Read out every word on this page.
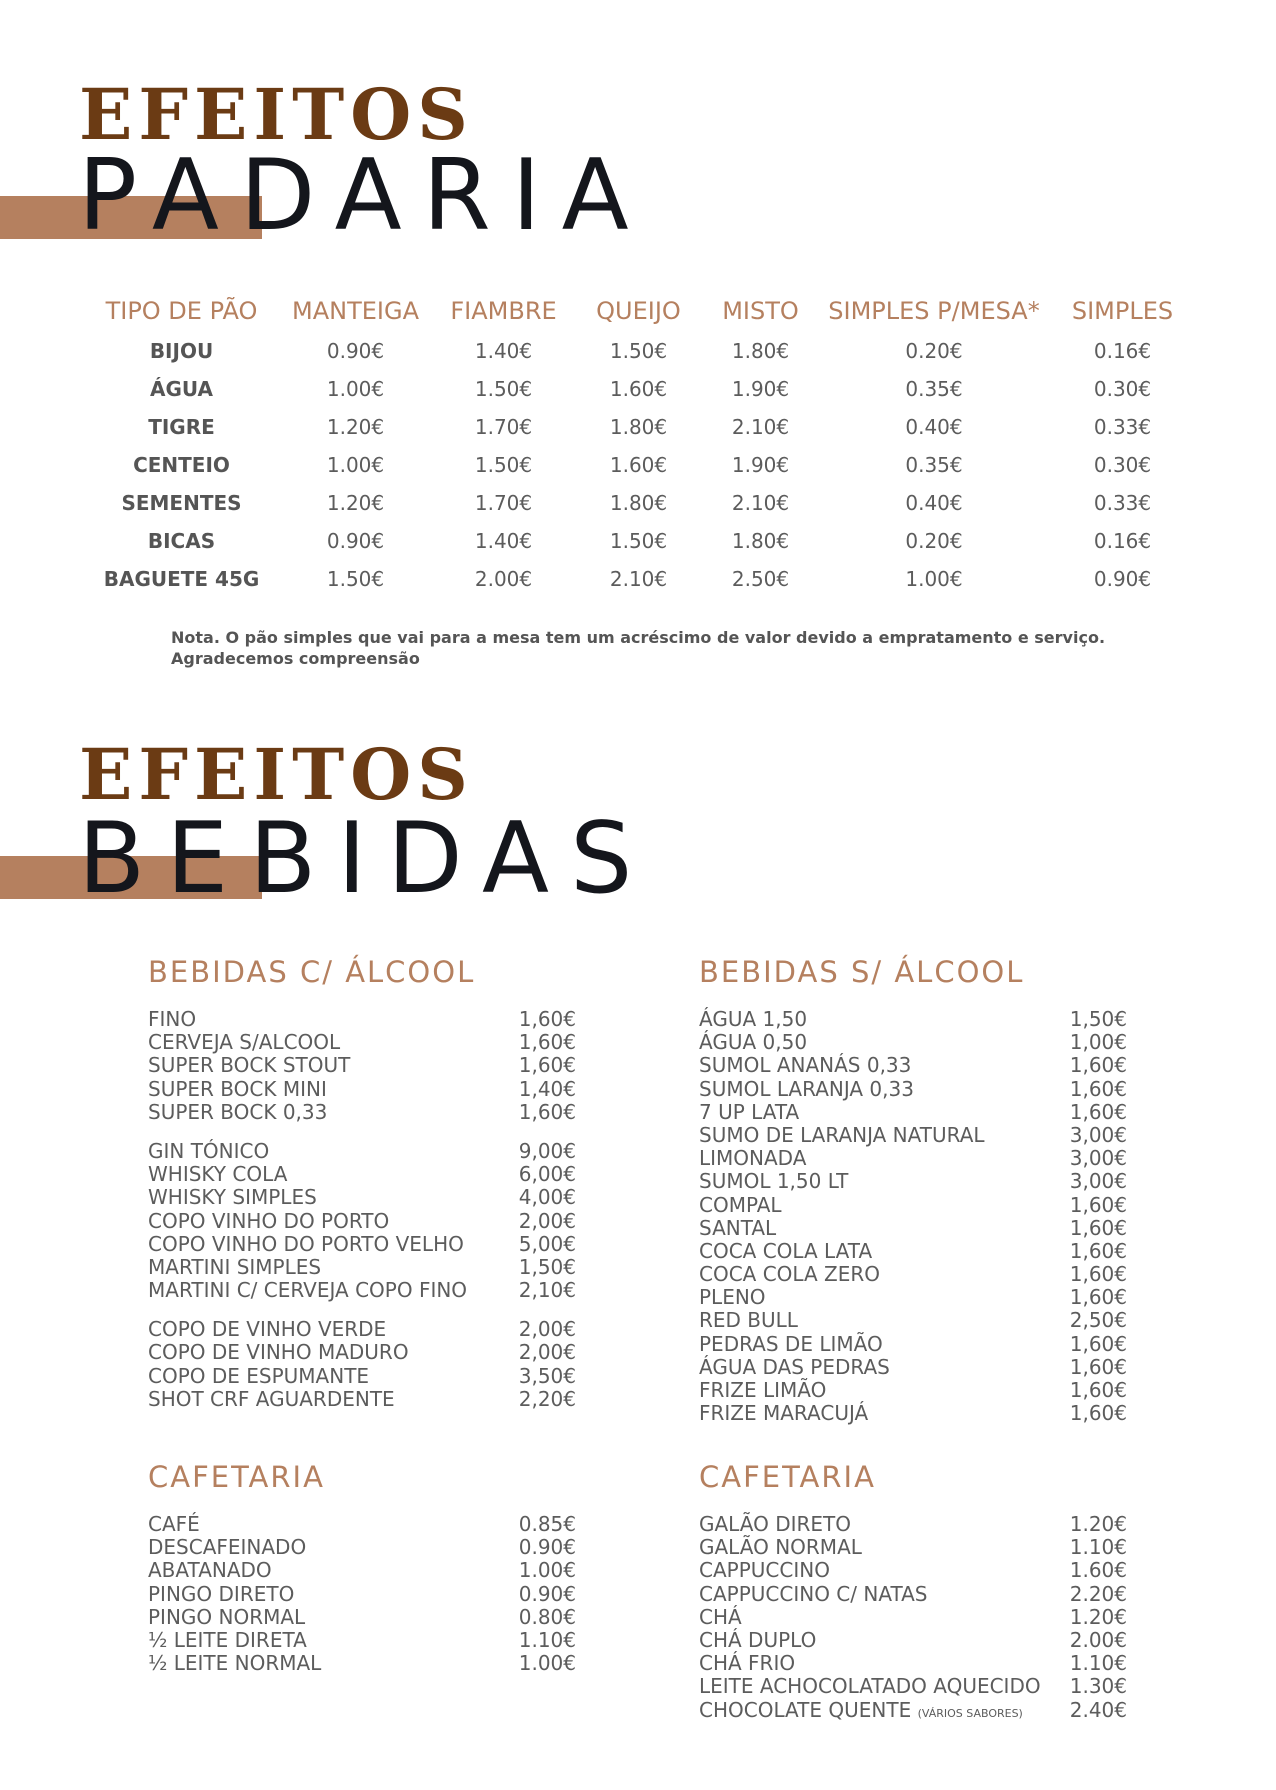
EFEITOS
PADARIA
TIPO DE PÃO	MANTEIGA	FIAMBRE	QUEIJO	MISTO	SIMPLES P/MESA*	SIMPLES
BIJOU	0.90€	1.40€	1.50€	1.80€	0.20€	0.16€
ÁGUA	1.00€	1.50€	1.60€	1.90€	0.35€	0.30€
TIGRE	1.20€	1.70€	1.80€	2.10€	0.40€	0.33€
CENTEIO	1.00€	1.50€	1.60€	1.90€	0.35€	0.30€
SEMENTES	1.20€	1.70€	1.80€	2.10€	0.40€	0.33€
BICAS	0.90€	1.40€	1.50€	1.80€	0.20€	0.16€
BAGUETE 45G	1.50€	2.00€	2.10€	2.50€	1.00€	0.90€
Nota. O pão simples que vai para a mesa tem um acréscimo de valor devido a empratamento e serviço.
Agradecemos compreensão
EFEITOS
BEBIDAS
BEBIDAS C/ ÁLCOOL
FINO	1,60€
CERVEJA S/ALCOOL	1,60€
SUPER BOCK STOUT	1,60€
SUPER BOCK MINI	1,40€
SUPER BOCK 0,33	1,60€
GIN TÓNICO	9,00€
WHISKY COLA	6,00€
WHISKY SIMPLES	4,00€
COPO VINHO DO PORTO	2,00€
COPO VINHO DO PORTO VELHO	5,00€
MARTINI SIMPLES	1,50€
MARTINI C/ CERVEJA COPO FINO	2,10€
COPO DE VINHO VERDE	2,00€
COPO DE VINHO MADURO	2,00€
COPO DE ESPUMANTE	3,50€
SHOT CRF AGUARDENTE	2,20€
BEBIDAS S/ ÁLCOOL
ÁGUA 1,50	1,50€
ÁGUA 0,50	1,00€
SUMOL ANANÁS 0,33	1,60€
SUMOL LARANJA 0,33	1,60€
7 UP LATA	1,60€
SUMO DE LARANJA NATURAL	3,00€
LIMONADA	3,00€
SUMOL 1,50 LT	3,00€
COMPAL	1,60€
SANTAL	1,60€
COCA COLA LATA	1,60€
COCA COLA ZERO	1,60€
PLENO	1,60€
RED BULL	2,50€
PEDRAS DE LIMÃO	1,60€
ÁGUA DAS PEDRAS	1,60€
FRIZE LIMÃO	1,60€
FRIZE MARACUJÁ	1,60€
CAFETARIA
CAFÉ	0.85€
DESCAFEINADO	0.90€
ABATANADO	1.00€
PINGO DIRETO	0.90€
PINGO NORMAL	0.80€
½ LEITE DIRETA	1.10€
½ LEITE NORMAL	1.00€
CAFETARIA
GALÃO DIRETO	1.20€
GALÃO NORMAL	1.10€
CAPPUCCINO	1.60€
CAPPUCCINO C/ NATAS	2.20€
CHÁ	1.20€
CHÁ DUPLO	2.00€
CHÁ FRIO	1.10€
LEITE ACHOCOLATADO AQUECIDO 1.30€
CHOCOLATE QUENTE (VÁRIOS SABORES) 2.40€
